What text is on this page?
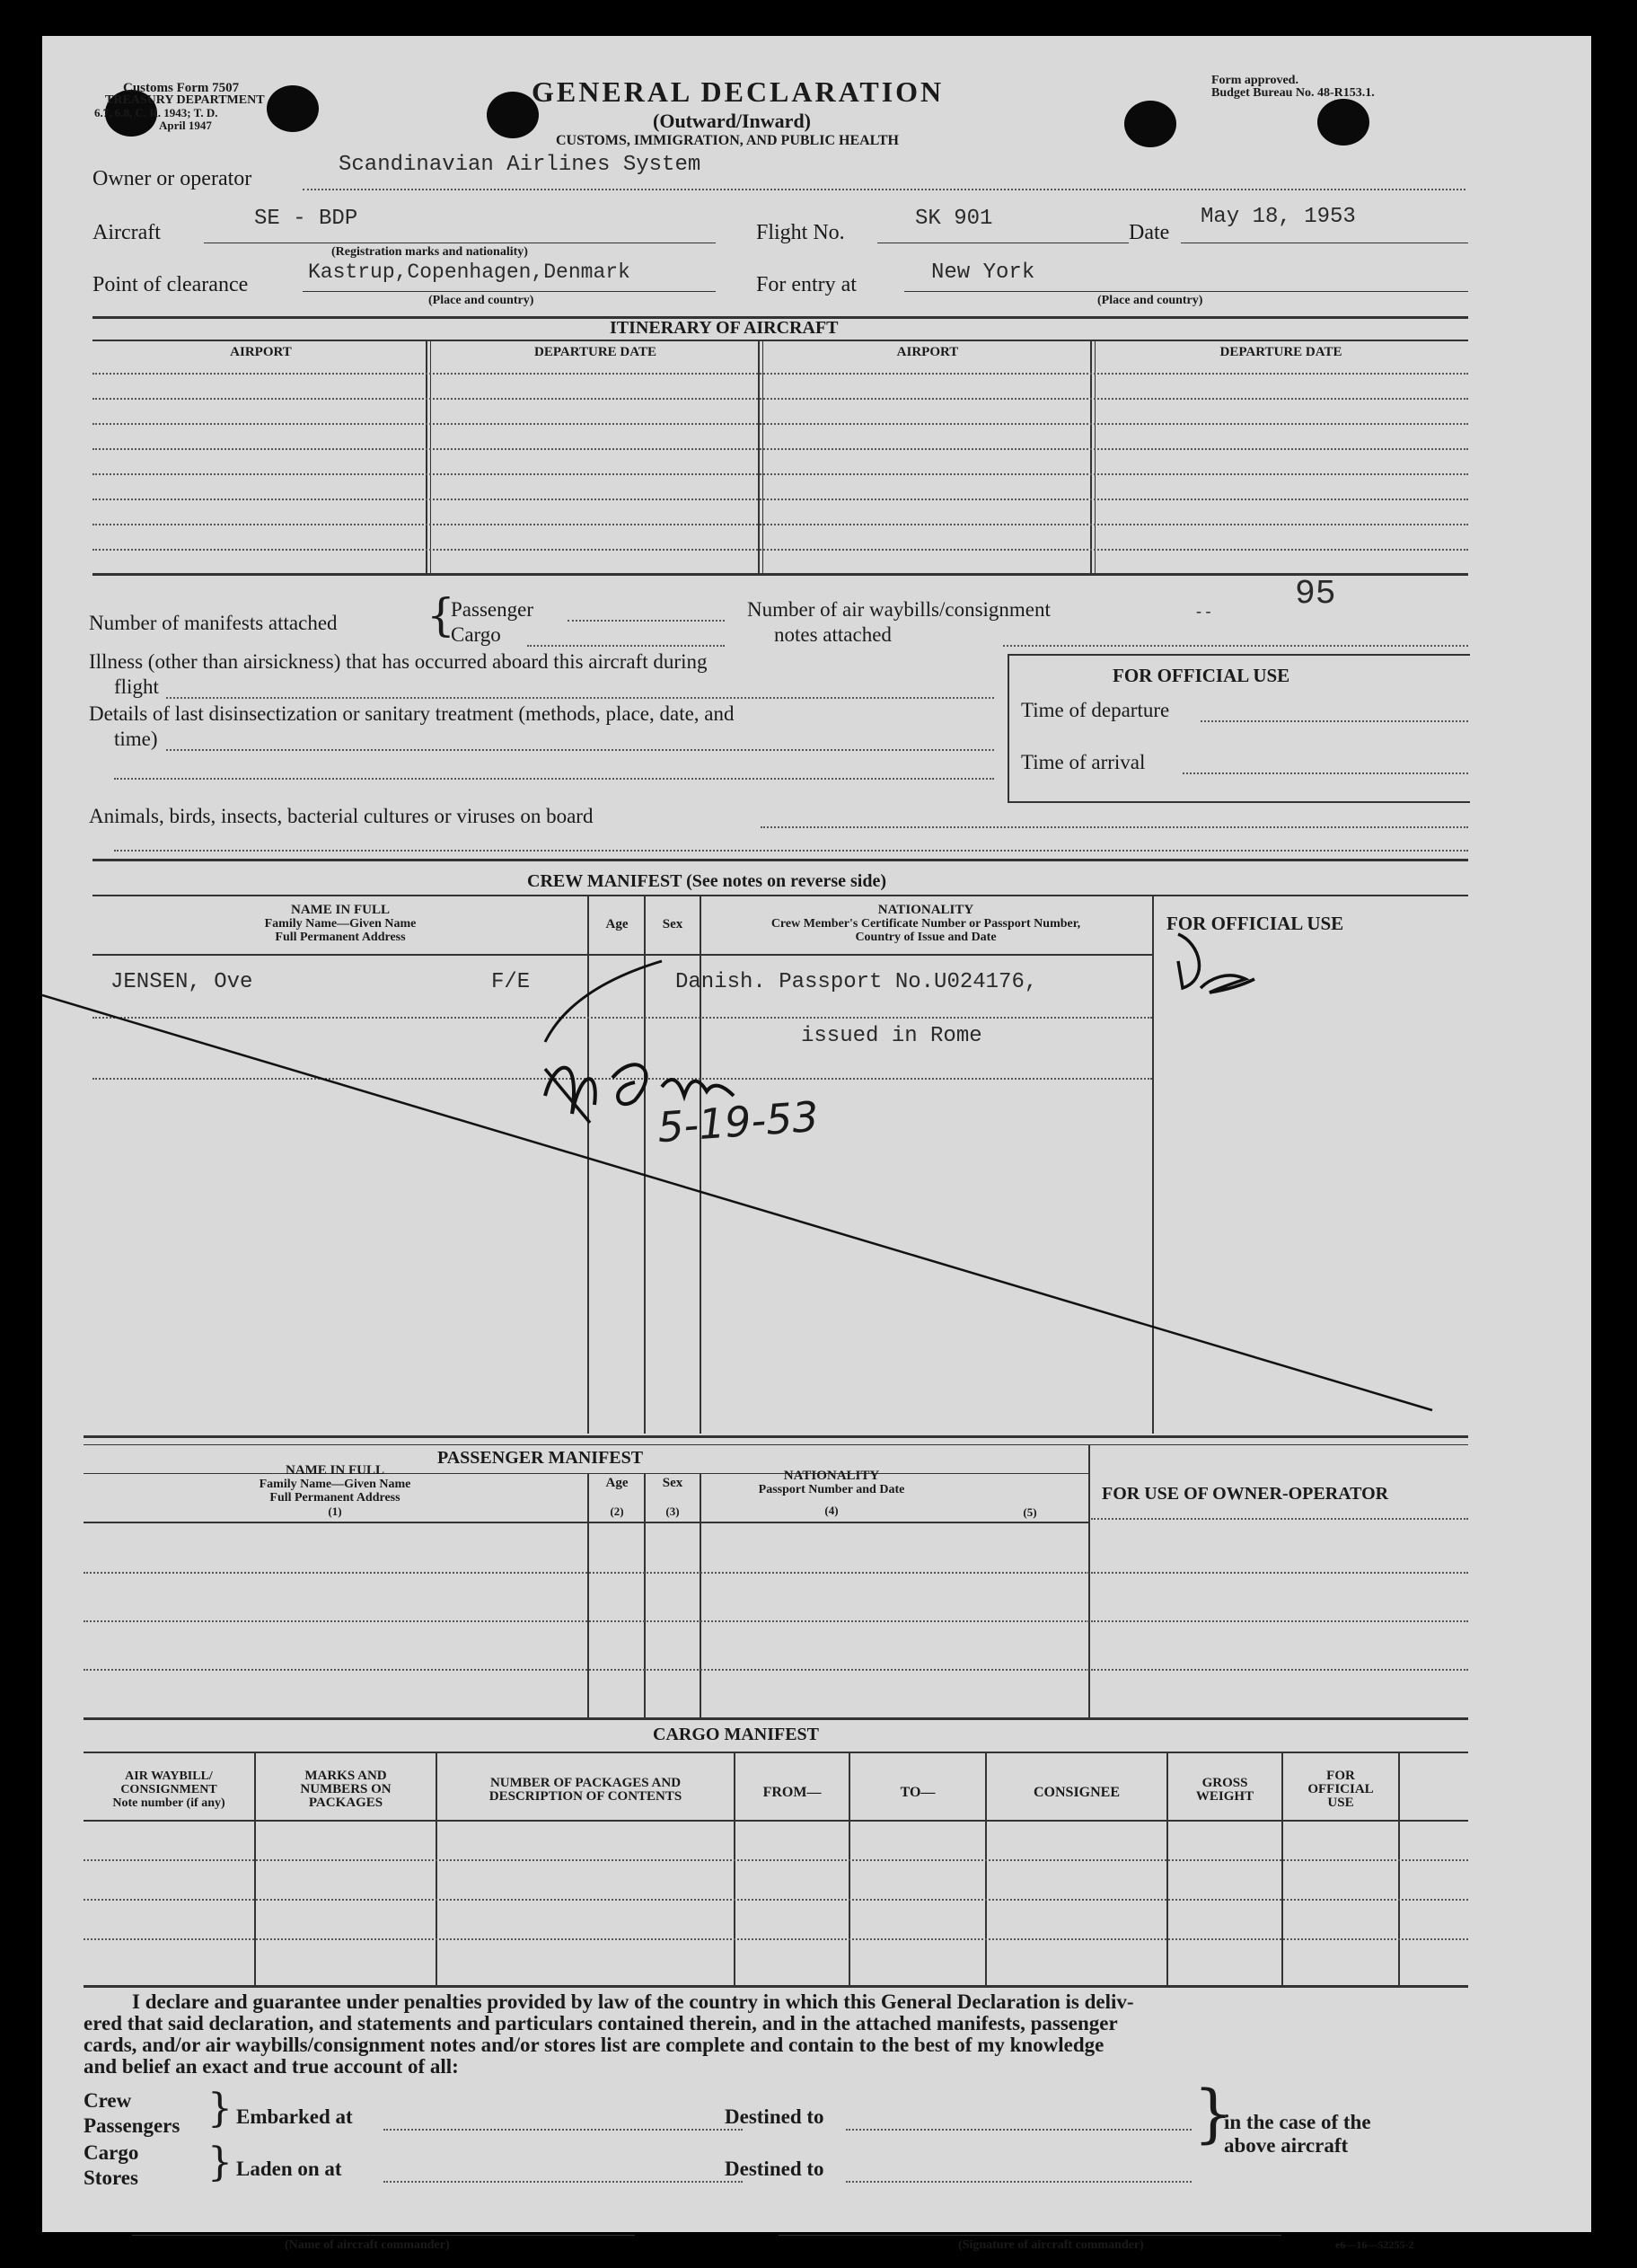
Customs Form 7507
TREASURY DEPARTMENT
6.7, 6.8, C. R. 1943; T. D.
April 1947
GENERAL DECLARATION
(Outward/Inward)
CUSTOMS, IMMIGRATION, AND PUBLIC HEALTH
Form approved.
Budget Bureau No. 48-R153.1.
Owner or operator
Scandinavian Airlines System
Aircraft
SE - BDP
(Registration marks and nationality)
Flight No.
SK 901
Date
May 18, 1953
Point of clearance
Kastrup,Copenhagen,Denmark
(Place and country)
For entry at	New York
(Place and country)
ITINERARY OF AIRCRAFT
AIRPORT	DEPARTURE DATE	AIRPORT	DEPARTURE DATE
Number of manifests attached {
Passenger
Cargo
Number of air waybills/consignment
notes attached
- - 95
Illness (other than airsickness) that has occurred aboard this aircraft during
flight
Details of last disinsectization or sanitary treatment (methods, place, date, and
time)
Animals, birds, insects, bacterial cultures or viruses on board
FOR OFFICIAL USE
Time of departure
Time of arrival
CREW MANIFEST (See notes on reverse side)
NAME IN FULL
Family Name—Given Name
Full Permanent Address
Age	Sex
NATIONALITY
Crew Member's Certificate Number or Passport Number,
Country of Issue and Date
FOR OFFICIAL USE
JENSEN, Ove	F/E	Danish. Passport No.U024176,
issued in Rome
5-19-53
PASSENGER MANIFEST
NAME IN FULL
Family Name—Given Name
Full Permanent Address
(1)
Age
(2)
Sex
(3)
NATIONALITY
Passport Number and Date
(4)	(5)
FOR USE OF OWNER-OPERATOR
CARGO MANIFEST
AIR WAYBILL/
CONSIGNMENT
Note number (if any)
MARKS AND
NUMBERS ON
PACKAGES
NUMBER OF PACKAGES AND
DESCRIPTION OF CONTENTS	FROM—	TO—	CONSIGNEE
GROSS
WEIGHT
FOR
OFFICIAL
USE
I declare and guarantee under penalties provided by law of the country in which this General Declaration is deliv-
ered that said declaration, and statements and particulars contained therein, and in the attached manifests, passenger
cards, and/or air waybills/consignment notes and/or stores list are complete and contain to the best of my knowledge
and belief an exact and true account of all:
Crew
Passengers
Cargo
Stores
}
}
Embarked at
Laden on at
Destined to
Destined to
}
in the case of the
above aircraft
(Name of aircraft commander)	(Signature of aircraft commander)	e6—16—52255-2
